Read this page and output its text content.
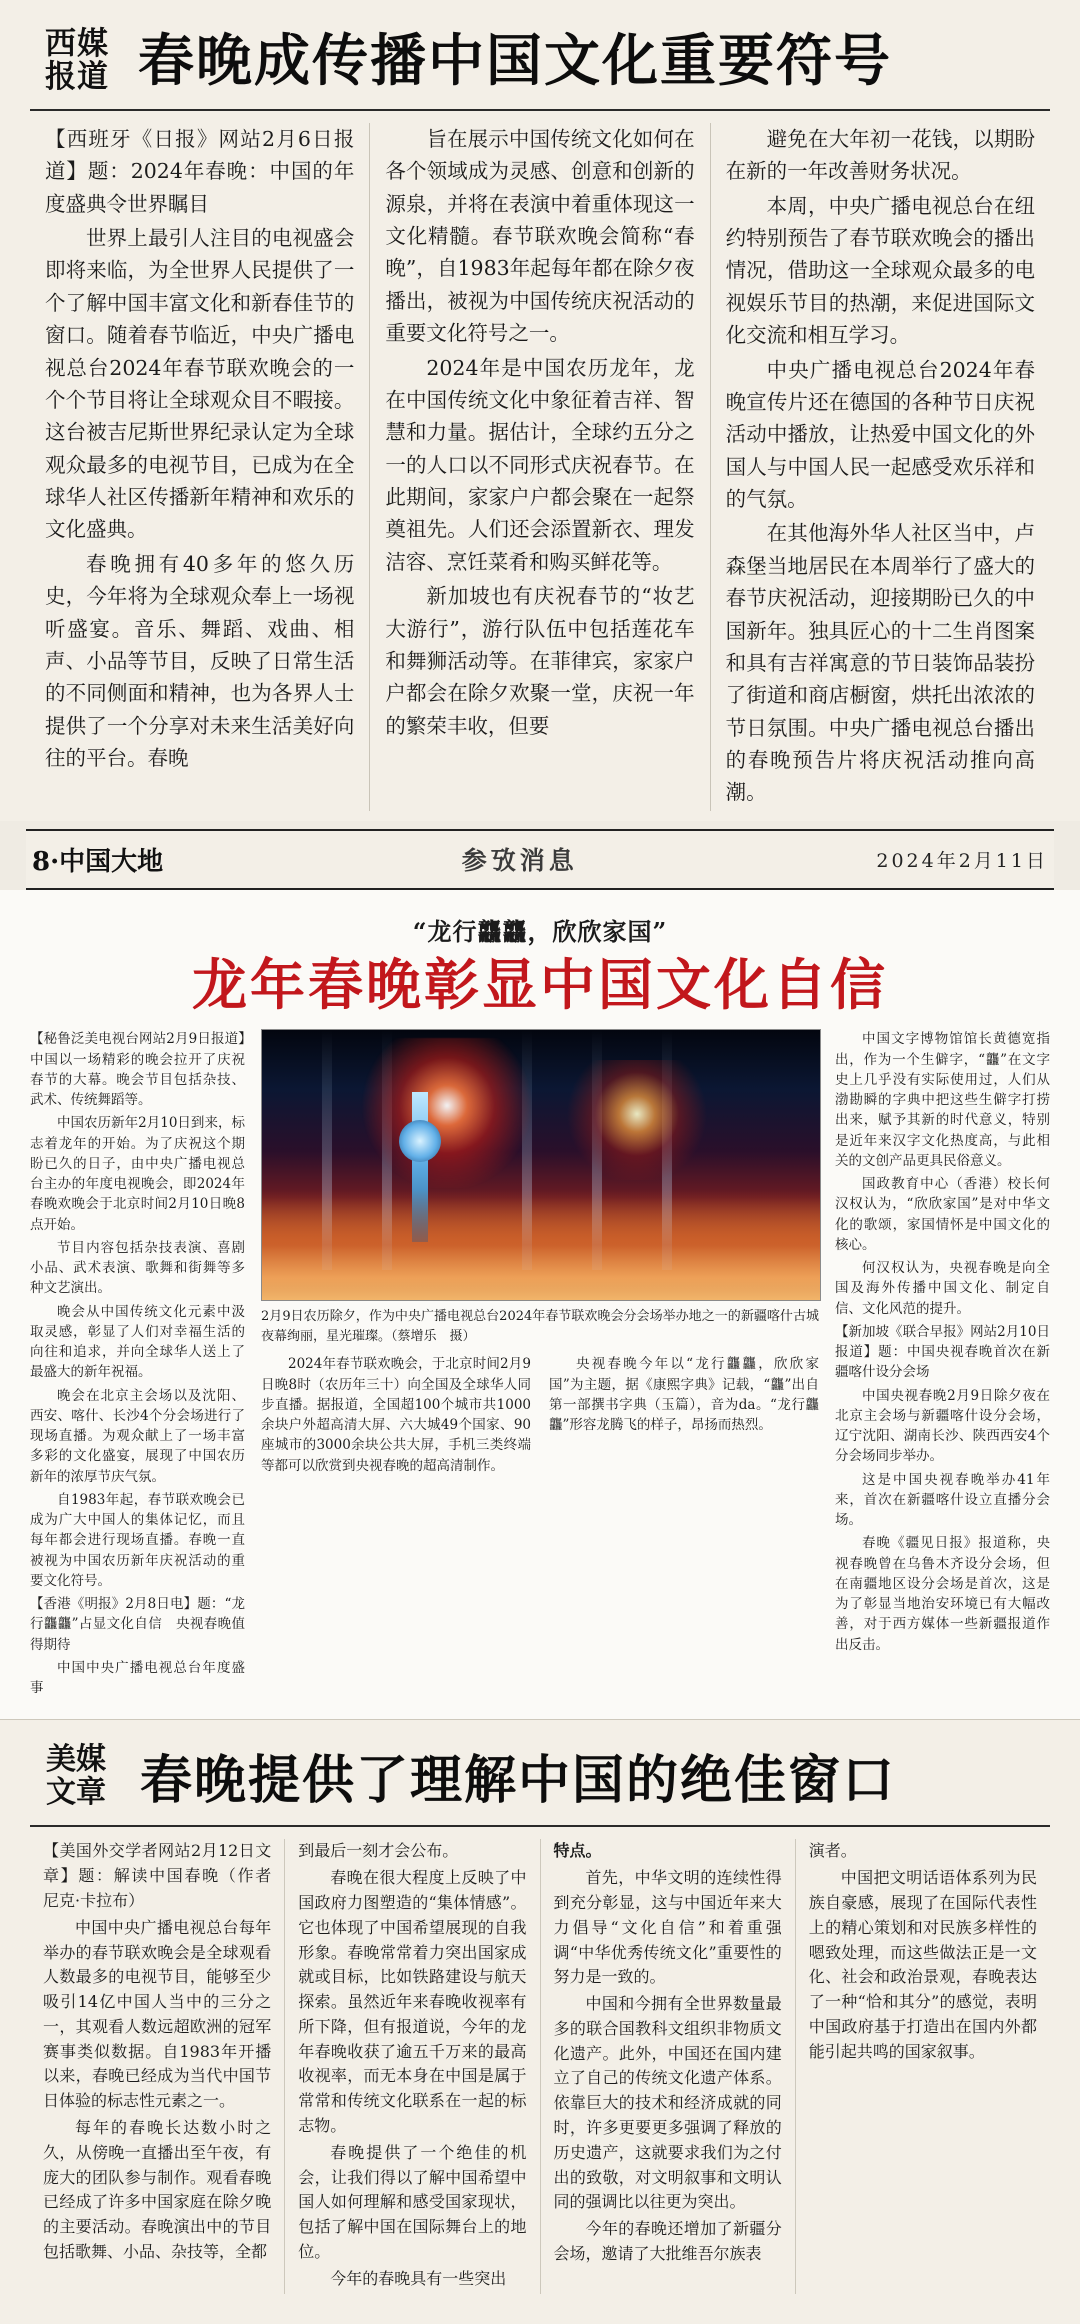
西媒
报道 春晚成传播中国文化重要符号

【西班牙《日报》网站2月6日报道】题：2024年春晚：中国的年度盛典令世界瞩目

世界上最引人注目的电视盛会即将来临，为全世界人民提供了一个了解中国丰富文化和新春佳节的窗口。随着春节临近，中央广播电视总台2024年春节联欢晚会的一个个节目将让全球观众目不暇接。这台被吉尼斯世界纪录认定为全球观众最多的电视节目，已成为在全球华人社区传播新年精神和欢乐的文化盛典。

春晚拥有40多年的悠久历史，今年将为全球观众奉上一场视听盛宴。音乐、舞蹈、戏曲、相声、小品等节目，反映了日常生活的不同侧面和精神，也为各界人士提供了一个分享对未来生活美好向往的平台。春晚

旨在展示中国传统文化如何在各个领域成为灵感、创意和创新的源泉，并将在表演中着重体现这一文化精髓。春节联欢晚会简称“春晚”，自1983年起每年都在除夕夜播出，被视为中国传统庆祝活动的重要文化符号之一。

2024年是中国农历龙年，龙在中国传统文化中象征着吉祥、智慧和力量。据估计，全球约五分之一的人口以不同形式庆祝春节。在此期间，家家户户都会聚在一起祭奠祖先。人们还会添置新衣、理发洁容、烹饪菜肴和购买鲜花等。

新加坡也有庆祝春节的“妆艺大游行”，游行队伍中包括莲花车和舞狮活动等。在菲律宾，家家户户都会在除夕欢聚一堂，庆祝一年的繁荣丰收，但要

避免在大年初一花钱，以期盼在新的一年改善财务状况。

本周，中央广播电视总台在纽约特别预告了春节联欢晚会的播出情况，借助这一全球观众最多的电视娱乐节目的热潮，来促进国际文化交流和相互学习。

中央广播电视总台2024年春晚宣传片还在德国的各种节日庆祝活动中播放，让热爱中国文化的外国人与中国人民一起感受欢乐祥和的气氛。

在其他海外华人社区当中，卢森堡当地居民在本周举行了盛大的春节庆祝活动，迎接期盼已久的中国新年。独具匠心的十二生肖图案和具有吉祥寓意的节日装饰品装扮了街道和商店橱窗，烘托出浓浓的节日氛围。中央广播电视总台播出的春晚预告片将庆祝活动推向高潮。

8·中国大地	参攷消息	2024年2月11日
“龙行龘龘，欣欣家国”
龙年春晚彰显中国文化自信

【秘鲁泛美电视台网站2月9日报道】中国以一场精彩的晚会拉开了庆祝春节的大幕。晚会节目包括杂技、武术、传统舞蹈等。

中国农历新年2月10日到来，标志着龙年的开始。为了庆祝这个期盼已久的日子，由中央广播电视总台主办的年度电视晚会，即2024年春晚欢晚会于北京时间2月10日晚8点开始。

节目内容包括杂技表演、喜剧小品、武术表演、歌舞和街舞等多种文艺演出。

晚会从中国传统文化元素中汲取灵感，彰显了人们对幸福生活的向往和追求，并向全球华人送上了最盛大的新年祝福。

晚会在北京主会场以及沈阳、西安、喀什、长沙4个分会场进行了现场直播。为观众献上了一场丰富多彩的文化盛宴，展现了中国农历新年的浓厚节庆气氛。

自1983年起，春节联欢晚会已成为广大中国人的集体记忆，而且每年都会进行现场直播。春晚一直被视为中国农历新年庆祝活动的重要文化符号。

【香港《明报》2月8日电】题：“龙行龘龘”占显文化自信　央视春晚值得期待

中国中央广播电视总台年度盛事

2月9日农历除夕，作为中央广播电视总台2024年春节联欢晚会分会场举办地之一的新疆喀什古城夜幕绚丽，星光璀璨。（蔡增乐　摄）

2024年春节联欢晚会，于北京时间2月9日晚8时（农历年三十）向全国及全球华人同步直播。据报道，全国超100个城市共1000余块户外超高清大屏、六大城49个国家、90座城市的3000余块公共大屏，手机三类终端等都可以欣赏到央视春晚的超高清制作。

央视春晚今年以“龙行龘龘，欣欣家国”为主题，据《康熙字典》记载，“龘”出自第一部撰书字典（玉篇），音为da。“龙行龘龘”形容龙腾飞的样子，昂扬而热烈。

中国文字博物馆馆长黄德宽指出，作为一个生僻字，“龘”在文字史上几乎没有实际使用过，人们从渤勘瞬的字典中把这些生僻字打捞出来，赋予其新的时代意义，特别是近年来汉字文化热度高，与此相关的文创产品更具民俗意义。

国政教育中心（香港）校长何汉权认为，“欣欣家国”是对中华文化的歌颂，家国情怀是中国文化的核心。

何汉权认为，央视春晚是向全国及海外传播中国文化、制定自信、文化风范的提升。

【新加坡《联合早报》网站2月10日报道】题：中国央视春晚首次在新疆喀什设分会场

中国央视春晚2月9日除夕夜在北京主会场与新疆喀什设分会场，辽宁沈阳、湖南长沙、陕西西安4个分会场同步举办。

这是中国央视春晚举办41年来，首次在新疆喀什设立直播分会场。

春晚《疆见日报》报道称，央视春晚曾在乌鲁木齐设分会场，但在南疆地区设分会场是首次，这是为了彰显当地治安环境已有大幅改善，对于西方媒体一些新疆报道作出反击。

美媒
文章 春晚提供了理解中国的绝佳窗口

【美国外交学者网站2月12日文章】题：解读中国春晚（作者　尼克·卡拉布）

中国中央广播电视总台每年举办的春节联欢晚会是全球观看人数最多的电视节目，能够至少吸引14亿中国人当中的三分之一，其观看人数远超欧洲的冠军赛事类似数据。自1983年开播以来，春晚已经成为当代中国节日体验的标志性元素之一。

每年的春晚长达数小时之久，从傍晚一直播出至午夜，有庞大的团队参与制作。观看春晚已经成了许多中国家庭在除夕晚的主要活动。春晚演出中的节目包括歌舞、小品、杂技等，全都

到最后一刻才会公布。

春晚在很大程度上反映了中国政府力图塑造的“集体情感”。它也体现了中国希望展现的自我形象。春晚常常着力突出国家成就或目标，比如铁路建设与航天探索。虽然近年来春晚收视率有所下降，但有报道说，今年的龙年春晚收获了逾五千万来的最高收视率，而无本身在中国是属于常常和传统文化联系在一起的标志物。

春晚提供了一个绝佳的机会，让我们得以了解中国希望中国人如何理解和感受国家现状，包括了解中国在国际舞台上的地位。

今年的春晚具有一些突出

特点。

首先，中华文明的连续性得到充分彰显，这与中国近年来大力倡导“文化自信”和着重强调“中华优秀传统文化”重要性的努力是一致的。

中国和今拥有全世界数量最多的联合国教科文组织非物质文化遗产。此外，中国还在国内建立了自己的传统文化遗产体系。依靠巨大的技术和经济成就的同时，许多更要更多强调了释放的历史遗产，这就要求我们为之付出的致敬，对文明叙事和文明认同的强调比以往更为突出。

今年的春晚还增加了新疆分会场，邀请了大批维吾尔族表

演者。

中国把文明话语体系列为民族自豪感，展现了在国际代表性上的精心策划和对民族多样性的嗯致处理，而这些做法正是一文化、社会和政治景观，春晚表达了一种“恰和其分”的感觉，表明中国政府基于打造出在国内外都能引起共鸣的国家叙事。
